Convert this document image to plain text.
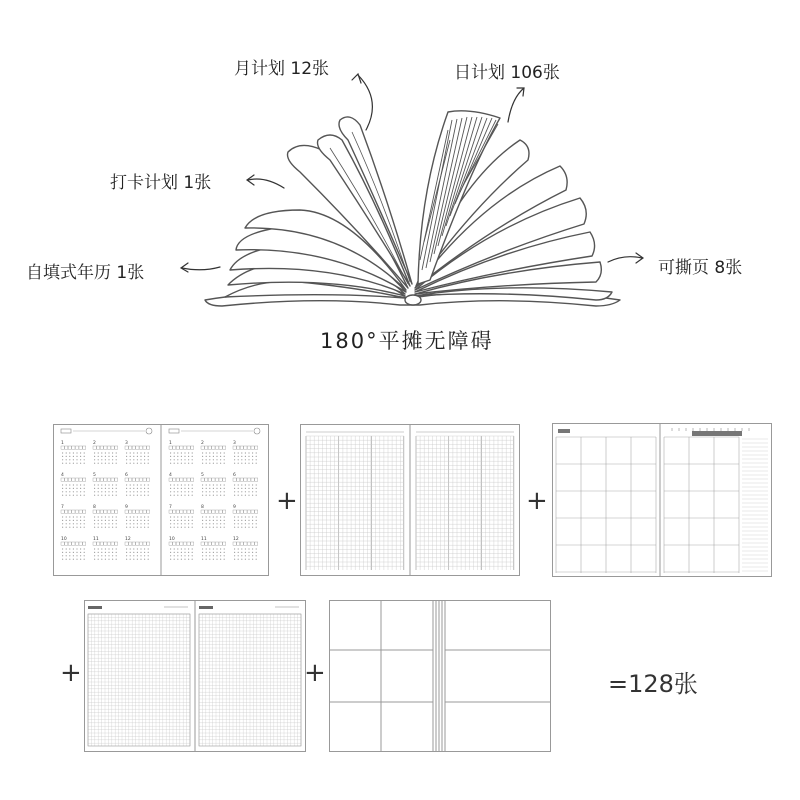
月计划 12张	日计划 106张
打卡计划 1张
自填式年历 1张	可撕页 8张
180°平摊无障碍
1	2	3
4	5	6
7	8	9
10	11	12
1	2	3
4	5	6
7	8	9
10	11	12
+	+
+	+	=128张
